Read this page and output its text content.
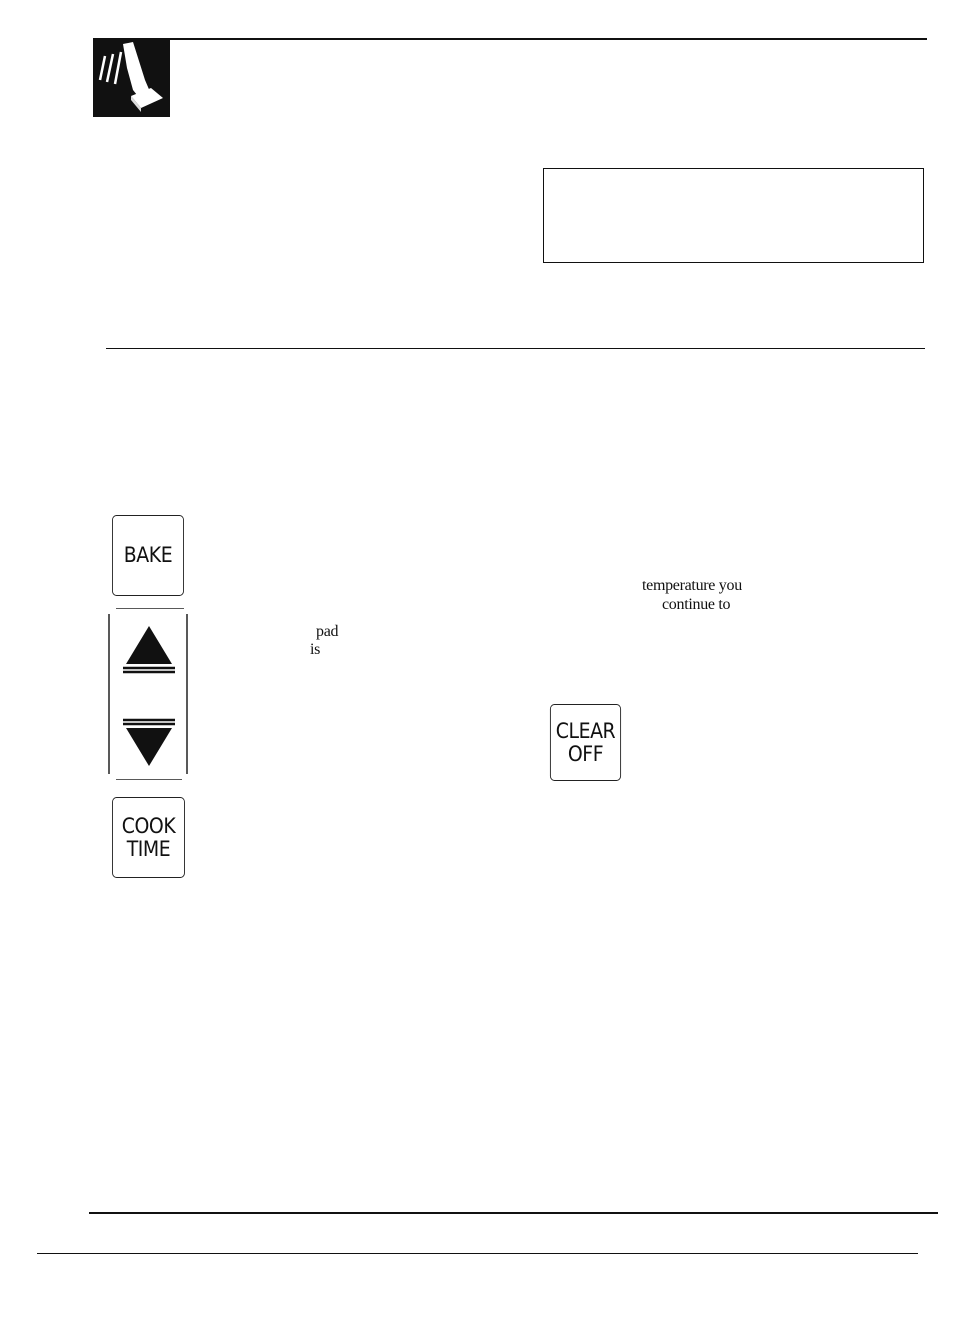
BAKE
COOK
TIME
CLEAR
OFF
pad
is
temperature you
continue to
